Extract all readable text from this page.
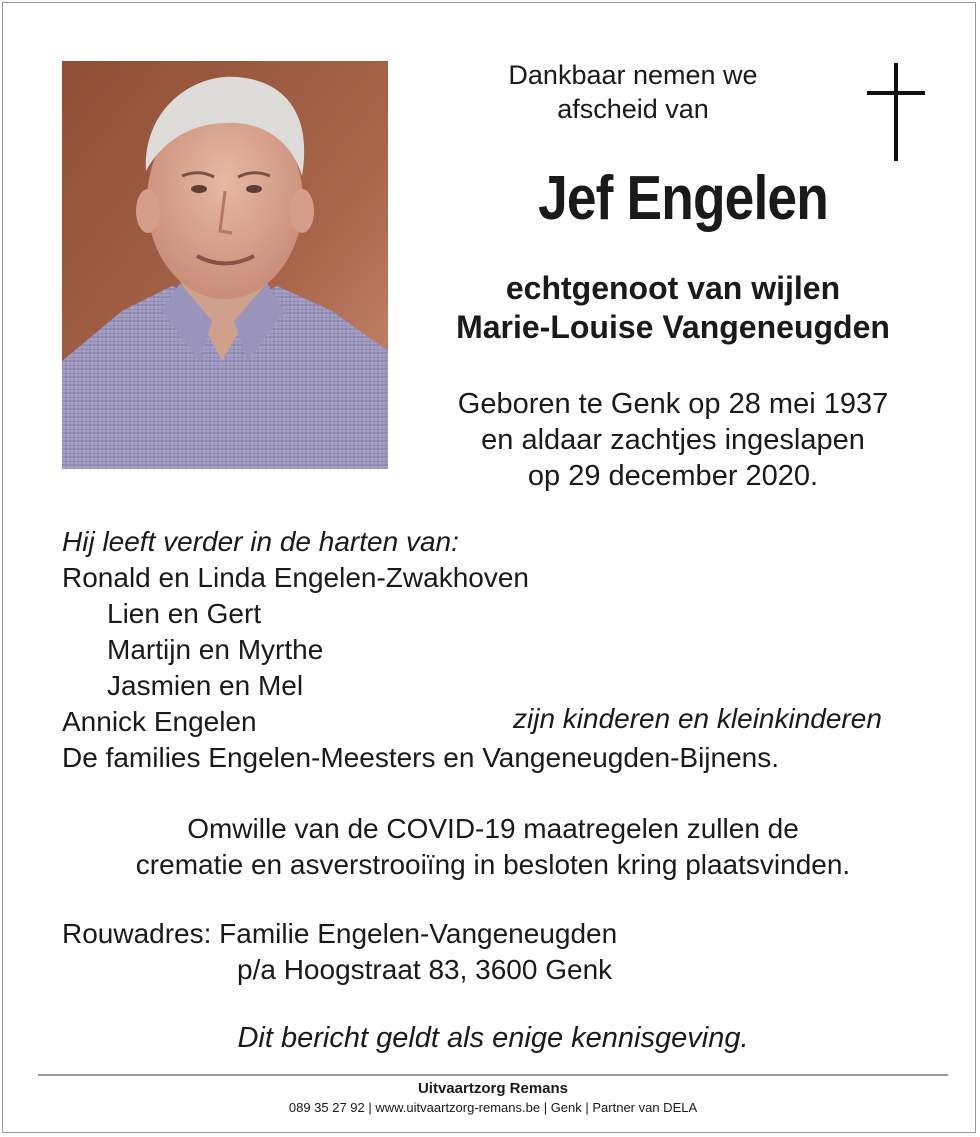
Dankbaar nemen we
afscheid van
Jef Engelen
echtgenoot van wijlen
Marie-Louise Vangeneugden
Geboren te Genk op 28 mei 1937
en aldaar zachtjes ingeslapen
op 29 december 2020.
Hij leeft verder in de harten van:
Ronald en Linda Engelen-Zwakhoven
Lien en Gert
Martijn en Myrthe
Jasmien en Mel
Annick Engelen
De families Engelen-Meesters en Vangeneugden-Bijnens.
zijn kinderen en kleinkinderen
Omwille van de COVID-19 maatregelen zullen de
crematie en asverstrooiïng in besloten kring plaatsvinden.
Rouwadres: Familie Engelen-Vangeneugden
p/a Hoogstraat 83, 3600 Genk
Dit bericht geldt als enige kennisgeving.
Uitvaartzorg Remans
089 35 27 92 | www.uitvaartzorg-remans.be | Genk | Partner van DELA
